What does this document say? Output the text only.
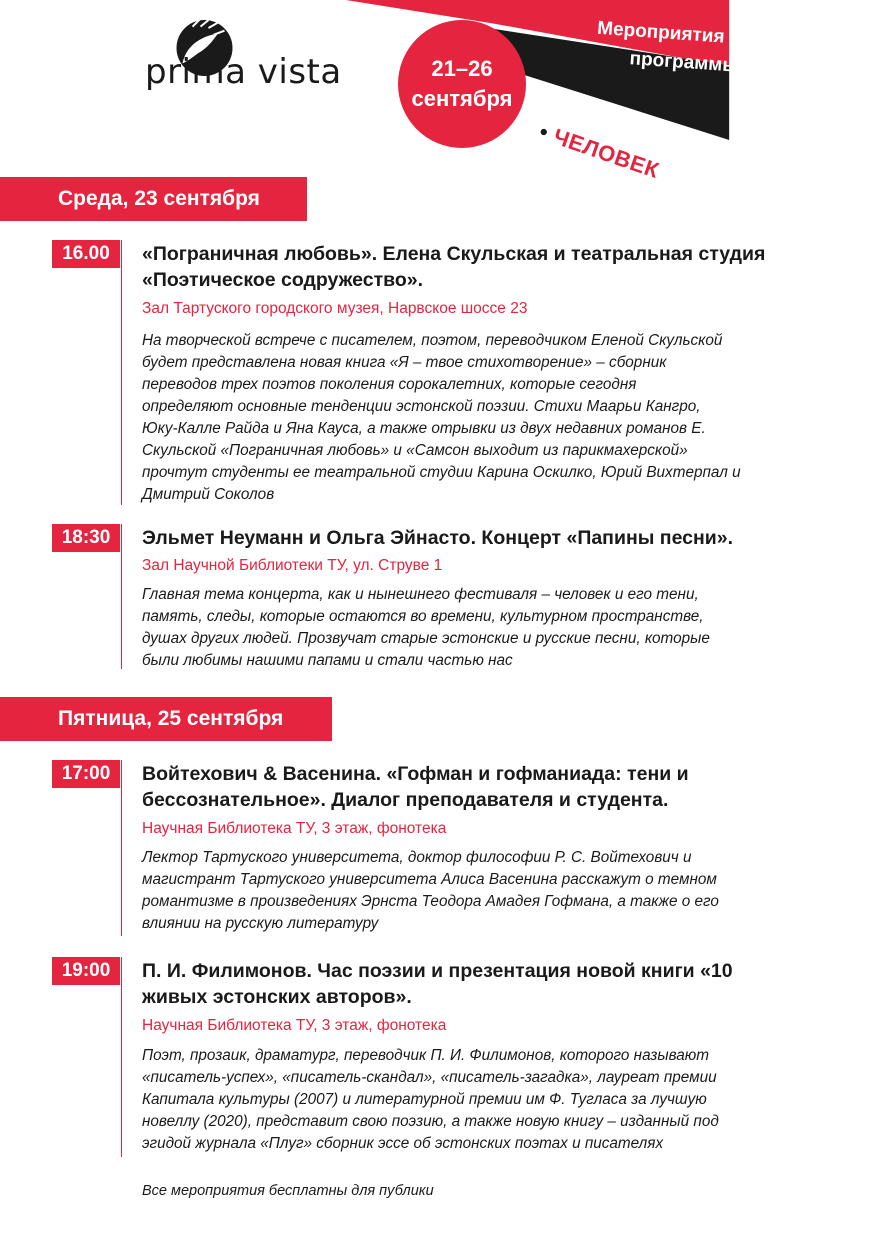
prima vista
Мероприятия русской
программы
• ЧЕЛОВЕК И ЕГО ТЕНИ
21–26
сентября
Среда, 23 сентября
16.00	«Пограничная любовь». Елена Скульская и театральная студия
«Поэтическое содружество».
Зал Тартуского городского музея, Нарвское шоссе 23
На творческой встрече с писателем, поэтом, переводчиком Еленой Скульской
будет представлена новая книга «Я – твое стихотворение» – сборник
переводов трех поэтов поколения сорокалетних, которые сегодня
определяют основные тенденции эстонской поэзии. Стихи Маарьи Кангро,
Юку-Калле Райда и Яна Кауса, а также отрывки из двух недавних романов Е.
Скульской «Пограничная любовь» и «Самсон выходит из парикмахерской»
прочтут студенты ее театральной студии Карина Оскилко, Юрий Вихтерпал и
Дмитрий Соколов
18:30	Эльмет Неуманн и Ольга Эйнасто. Концерт «Папины песни».
Зал Научной Библиотеки ТУ, ул. Струве 1
Главная тема концерта, как и нынешнего фестиваля – человек и его тени,
память, следы, которые остаются во времени, культурном пространстве,
душах других людей. Прозвучат старые эстонские и русские песни, которые
были любимы нашими папами и стали частью нас
Пятница, 25 сентября
17:00	Войтехович & Васенина. «Гофман и гофманиада: тени и
бессознательное». Диалог преподавателя и студента.
Научная Библиотека ТУ, 3 этаж, фонотека
Лектор Тартуского университета, доктор философии Р. С. Войтехович и
магистрант Тартуского университета Алиса Васенина расскажут о темном
романтизме в произведениях Эрнста Теодора Амадея Гофмана, а также о его
влиянии на русскую литературу
19:00	П. И. Филимонов. Час поэзии и презентация новой книги «10
живых эстонских авторов».
Научная Библиотека ТУ, 3 этаж, фонотека
Поэт, прозаик, драматург, переводчик П. И. Филимонов, которого называют
«писатель-успех», «писатель-скандал», «писатель-загадка», лауреат премии
Капитала культуры (2007) и литературной премии им Ф. Тугласа за лучшую
новеллу (2020), представит свою поэзию, а также новую книгу – изданный под
эгидой журнала «Плуг» сборник эссе об эстонских поэтах и писателях
Все мероприятия бесплатны для публики
